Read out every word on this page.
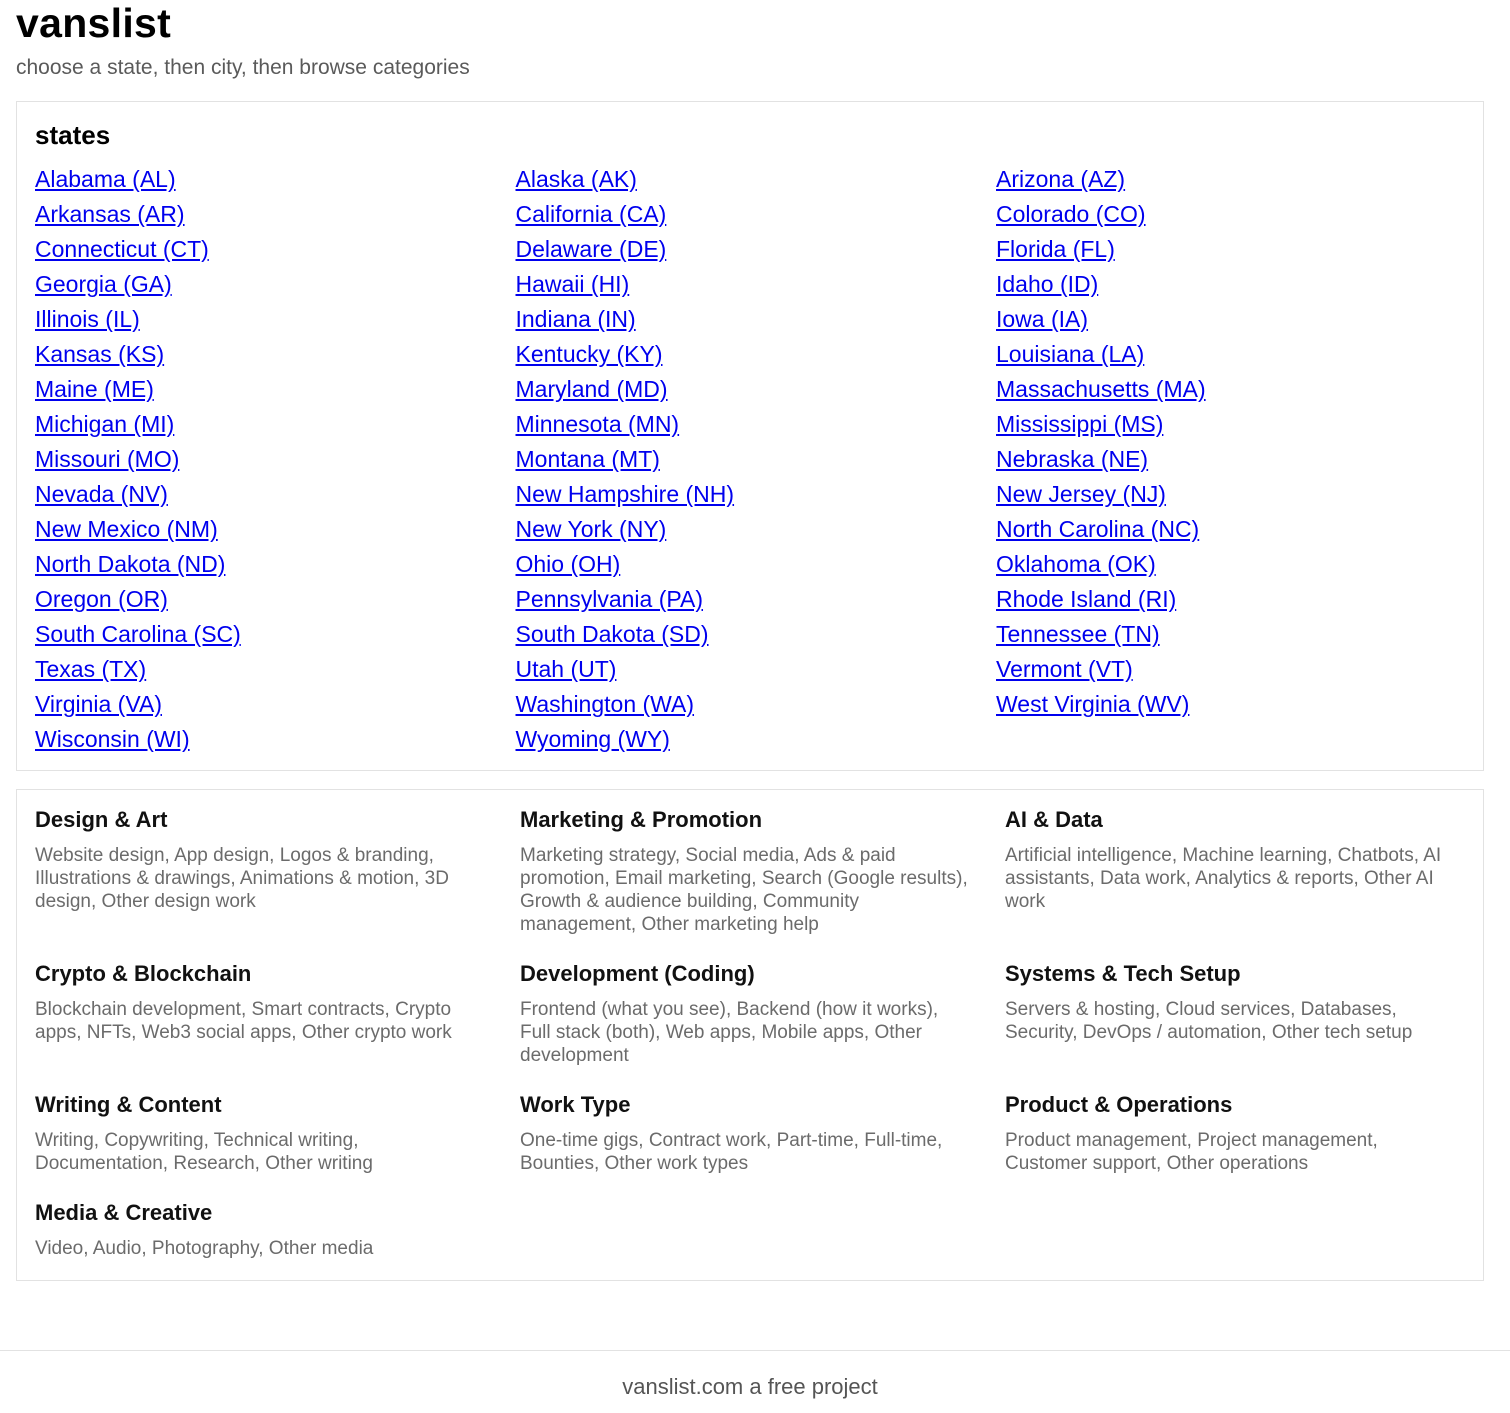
vanslist
choose a state, then city, then browse categories
states
Alabama (AL)	Alaska (AK)	Arizona (AZ)
Arkansas (AR)	California (CA)	Colorado (CO)
Connecticut (CT)	Delaware (DE)	Florida (FL)
Georgia (GA)	Hawaii (HI)	Idaho (ID)
Illinois (IL)	Indiana (IN)	Iowa (IA)
Kansas (KS)	Kentucky (KY)	Louisiana (LA)
Maine (ME)	Maryland (MD)	Massachusetts (MA)
Michigan (MI)	Minnesota (MN)	Mississippi (MS)
Missouri (MO)	Montana (MT)	Nebraska (NE)
Nevada (NV)	New Hampshire (NH)	New Jersey (NJ)
New Mexico (NM)	New York (NY)	North Carolina (NC)
North Dakota (ND)	Ohio (OH)	Oklahoma (OK)
Oregon (OR)	Pennsylvania (PA)	Rhode Island (RI)
South Carolina (SC)	South Dakota (SD)	Tennessee (TN)
Texas (TX)	Utah (UT)	Vermont (VT)
Virginia (VA)	Washington (WA)	West Virginia (WV)
Wisconsin (WI)	Wyoming (WY)
Design & Art
Website design, App design, Logos & branding, Illustrations & drawings, Animations & motion, 3D design, Other design work
Marketing & Promotion
Marketing strategy, Social media, Ads & paid promotion, Email marketing, Search (Google results), Growth & audience building, Community management, Other marketing help
AI & Data
Artificial intelligence, Machine learning, Chatbots, AI assistants, Data work, Analytics & reports, Other AI work
Crypto & Blockchain
Blockchain development, Smart contracts, Crypto apps, NFTs, Web3 social apps, Other crypto work
Development (Coding)
Frontend (what you see), Backend (how it works), Full stack (both), Web apps, Mobile apps, Other development
Systems & Tech Setup
Servers & hosting, Cloud services, Databases, Security, DevOps / automation, Other tech setup
Writing & Content
Writing, Copywriting, Technical writing, Documentation, Research, Other writing
Work Type
One-time gigs, Contract work, Part-time, Full-time, Bounties, Other work types
Product & Operations
Product management, Project management, Customer support, Other operations
Media & Creative
Video, Audio, Photography, Other media
vanslist.com a free project
